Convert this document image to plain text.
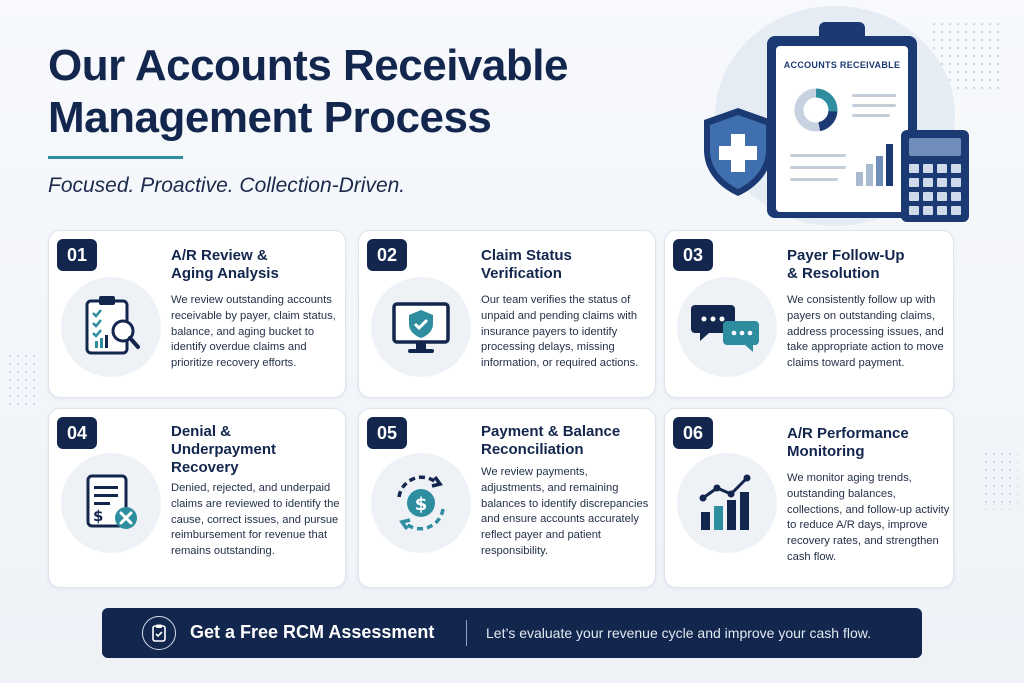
Our Accounts Receivable
Management Process
Focused. Proactive. Collection-Driven.
ACCOUNTS RECEIVABLE
01	A/R Review &
Aging Analysis
We review outstanding accounts receivable by payer, claim status, balance, and aging bucket to identify overdue claims and prioritize recovery efforts.
02	Claim Status
Verification
Our team verifies the status of unpaid and pending claims with insurance payers to identify processing delays, missing information, or required actions.
03	Payer Follow-Up
& Resolution
We consistently follow up with payers on outstanding claims, address processing issues, and take appropriate action to move claims toward payment.
04	Denial &
Underpayment
Recovery
$
Denied, rejected, and underpaid claims are reviewed to identify the cause, correct issues, and pursue reimbursement for revenue that remains outstanding.
05	Payment & Balance
Reconciliation
$
We review payments, adjustments, and remaining balances to identify discrepancies and ensure accounts accurately reflect payer and patient responsibility.
06	A/R Performance
Monitoring
We monitor aging trends, outstanding balances, collections, and follow-up activity to reduce A/R days, improve recovery rates, and strengthen cash flow.
Get a Free RCM Assessment	Let’s evaluate your revenue cycle and improve your cash flow.
